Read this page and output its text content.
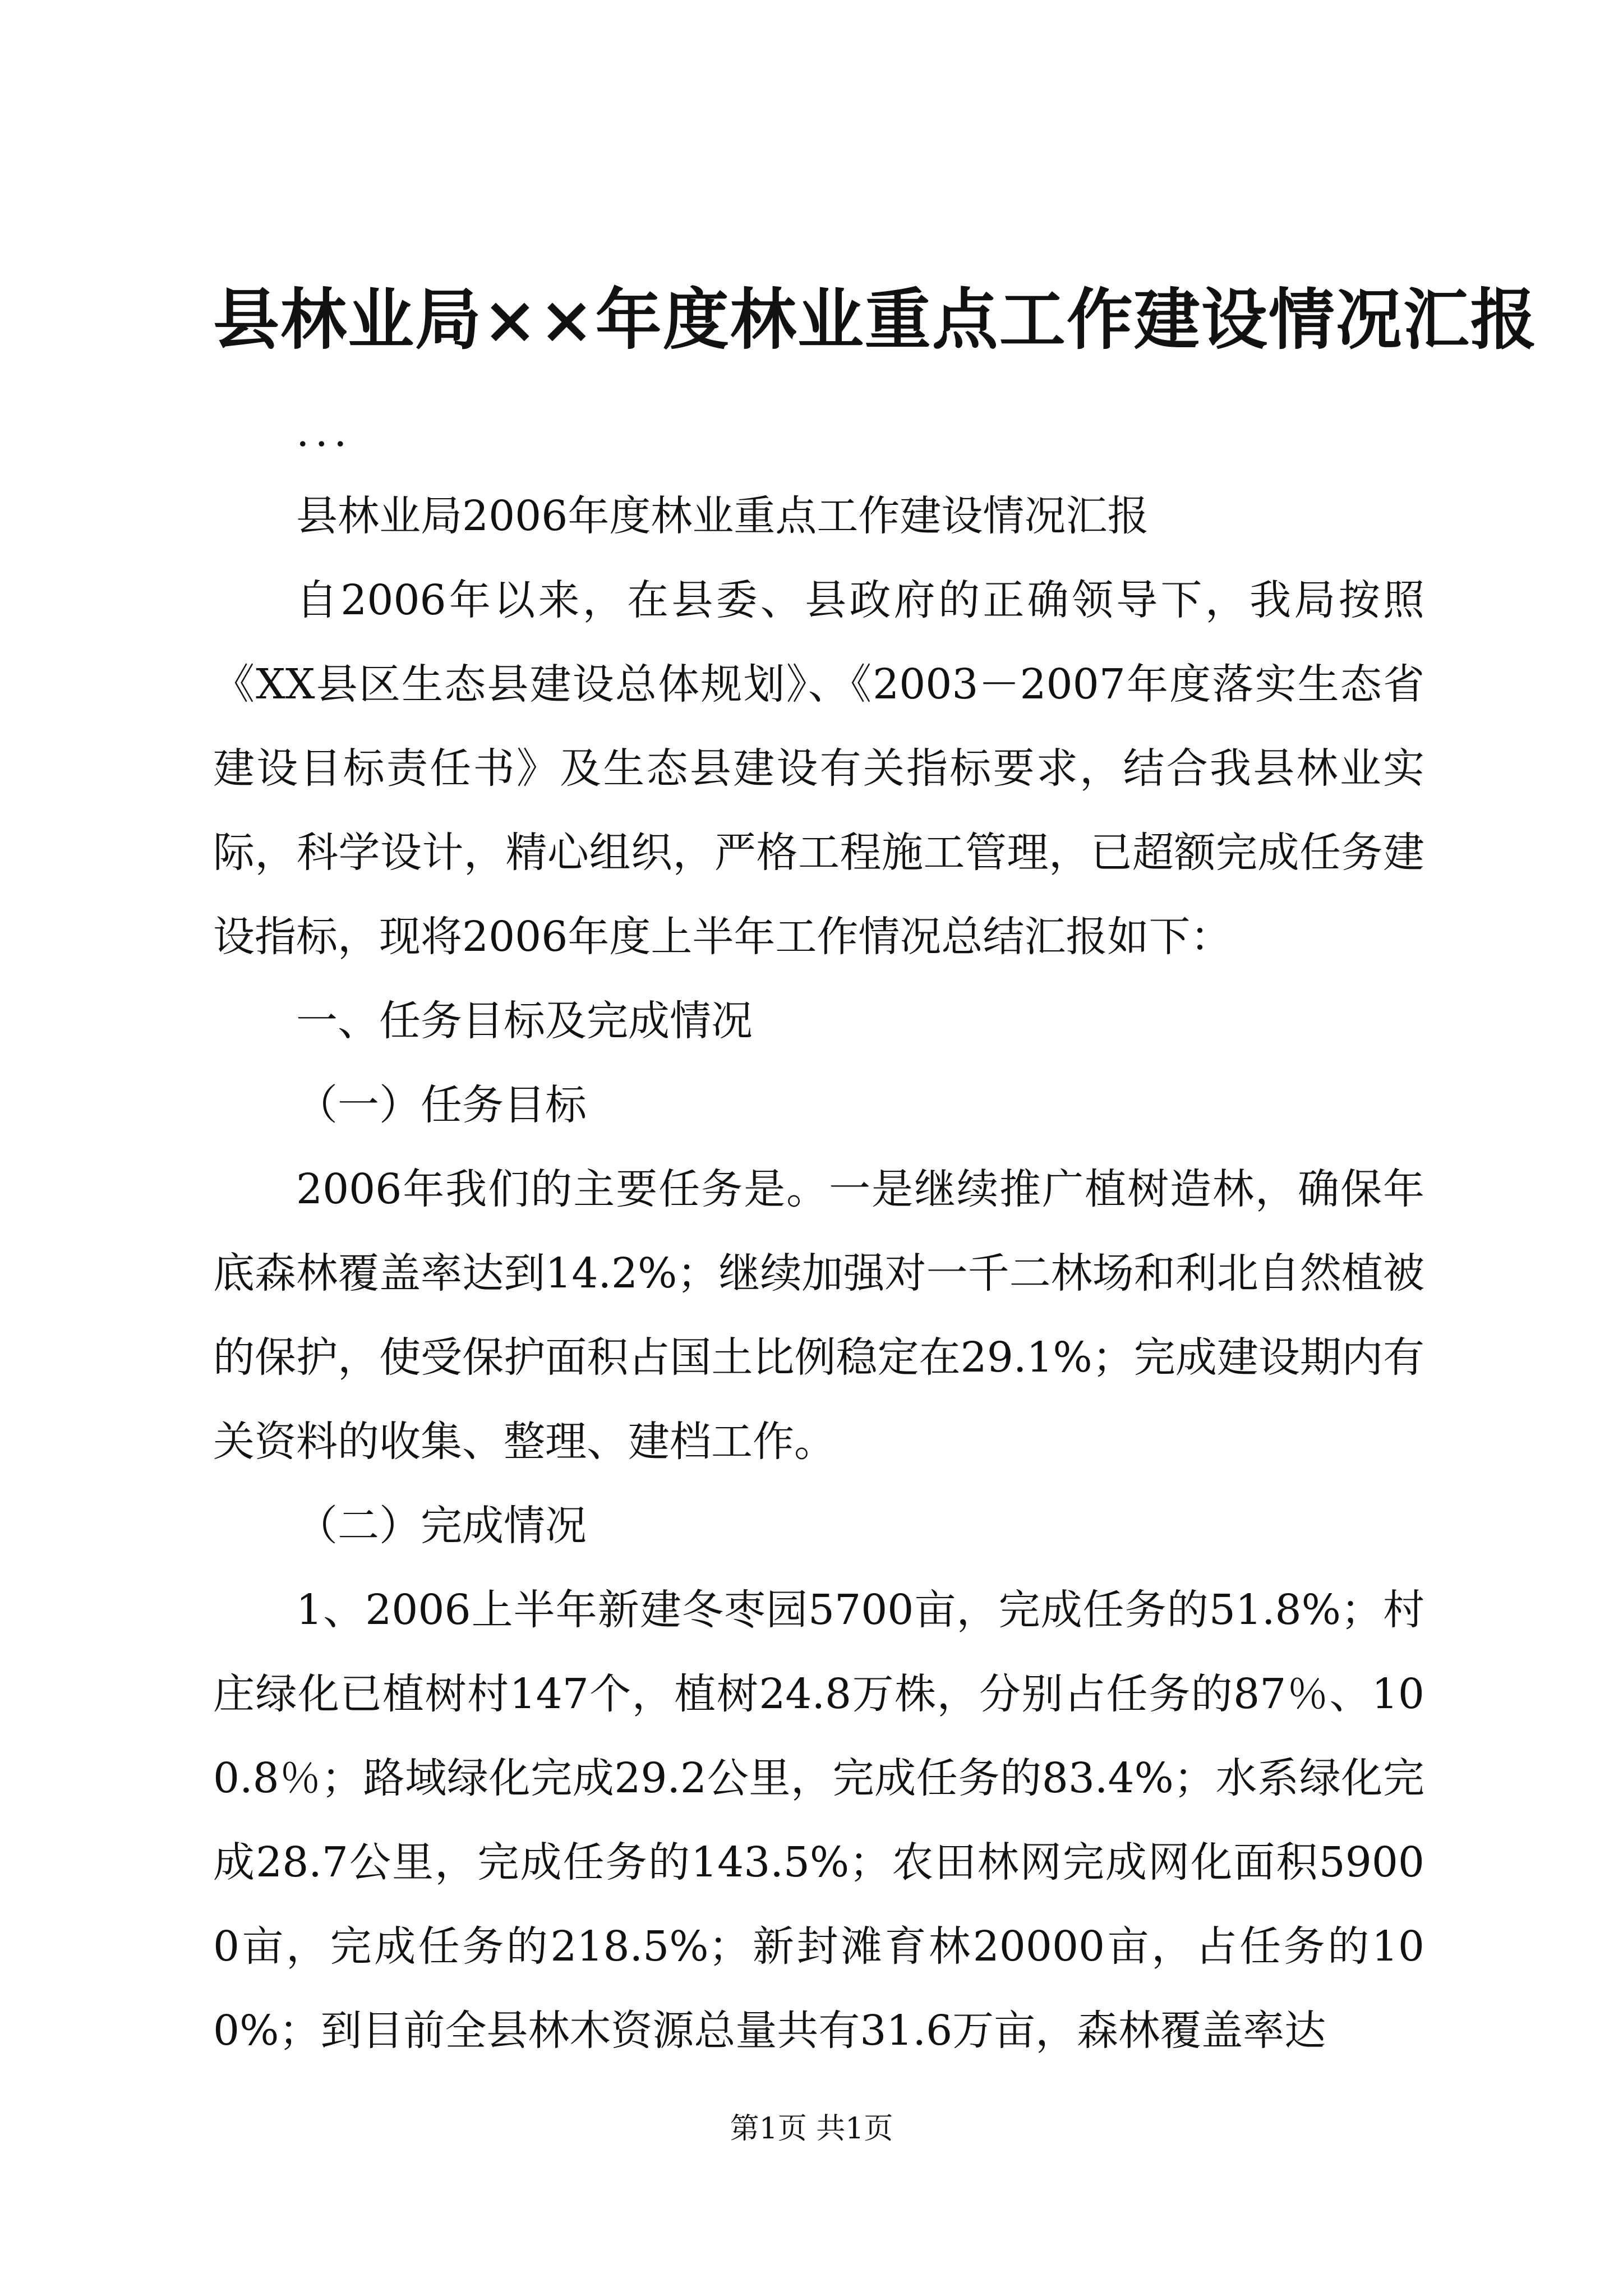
县林业局××年度林业重点工作建设情况汇报

...

县林业局2006年度林业重点工作建设情况汇报

自2006年以来，在县委、县政府的正确领导下，我局按照《XX县区生态县建设总体规划》、《2003－2007年度落实生态省建设目标责任书》及生态县建设有关指标要求，结合我县林业实际，科学设计，精心组织，严格工程施工管理，已超额完成任务建设指标，现将2006年度上半年工作情况总结汇报如下：

一、任务目标及完成情况

（一）任务目标

2006年我们的主要任务是。一是继续推广植树造林，确保年底森林覆盖率达到14.2%；继续加强对一千二林场和利北自然植被的保护，使受保护面积占国土比例稳定在29.1%；完成建设期内有关资料的收集、整理、建档工作。

（二）完成情况

1、2006上半年新建冬枣园5700亩，完成任务的51.8%；村庄绿化已植树村147个，植树24.8万株，分别占任务的87％、100.8％；路域绿化完成29.2公里，完成任务的83.4%；水系绿化完成28.7公里，完成任务的143.5%；农田林网完成网化面积59000亩，完成任务的218.5%；新封滩育林20000亩，占任务的100%；到目前全县林木资源总量共有31.6万亩，森林覆盖率达

第1页 共1页
